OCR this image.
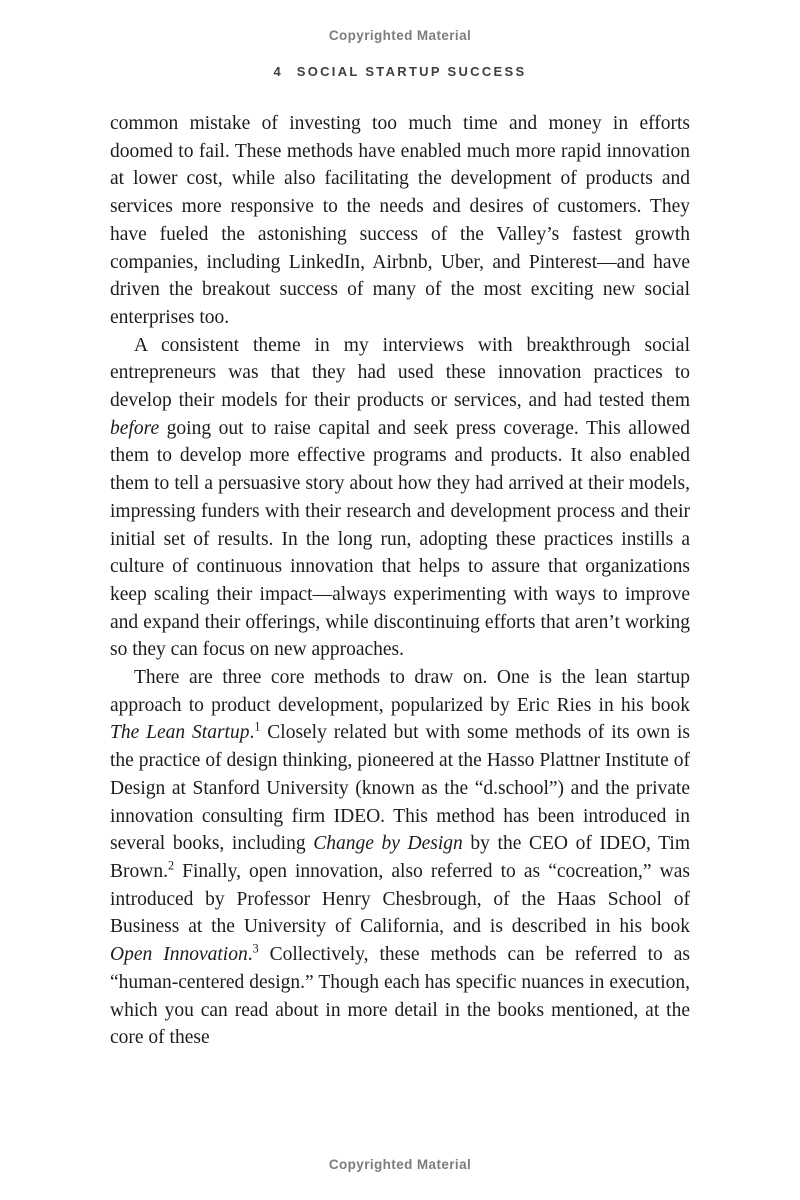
Copyrighted Material
4 SOCIAL STARTUP SUCCESS

common mistake of investing too much time and money in efforts doomed to fail. These methods have enabled much more rapid innovation at lower cost, while also facilitating the development of products and services more responsive to the needs and desires of customers. They have fueled the astonishing success of the Valley’s fastest growth companies, including LinkedIn, Airbnb, Uber, and Pinterest—and have driven the breakout success of many of the most exciting new social enterprises too.

A consistent theme in my interviews with breakthrough social entrepreneurs was that they had used these innovation practices to develop their models for their products or services, and had tested them before going out to raise capital and seek press coverage. This allowed them to develop more effective programs and products. It also enabled them to tell a persuasive story about how they had arrived at their models, impressing funders with their research and development process and their initial set of results. In the long run, adopting these practices instills a culture of continuous innovation that helps to assure that organizations keep scaling their impact—always experimenting with ways to improve and expand their offerings, while discontinuing efforts that aren’t working so they can focus on new approaches.

There are three core methods to draw on. One is the lean startup approach to product development, popularized by Eric Ries in his book The Lean Startup.$^1$ Closely related but with some methods of its own is the practice of design thinking, pioneered at the Hasso Plattner Institute of Design at Stanford University (known as the “d.school”) and the private innovation consulting firm IDEO. This method has been introduced in several books, including Change by Design by the CEO of IDEO, Tim Brown.$^2$ Finally, open innovation, also referred to as “cocreation,” was introduced by Professor Henry Chesbrough, of the Haas School of Business at the University of California, and is described in his book Open Innovation.$^3$ Collectively, these methods can be referred to as “human-centered design.” Though each has specific nuances in execution, which you can read about in more detail in the books mentioned, at the core of these

Copyrighted Material
